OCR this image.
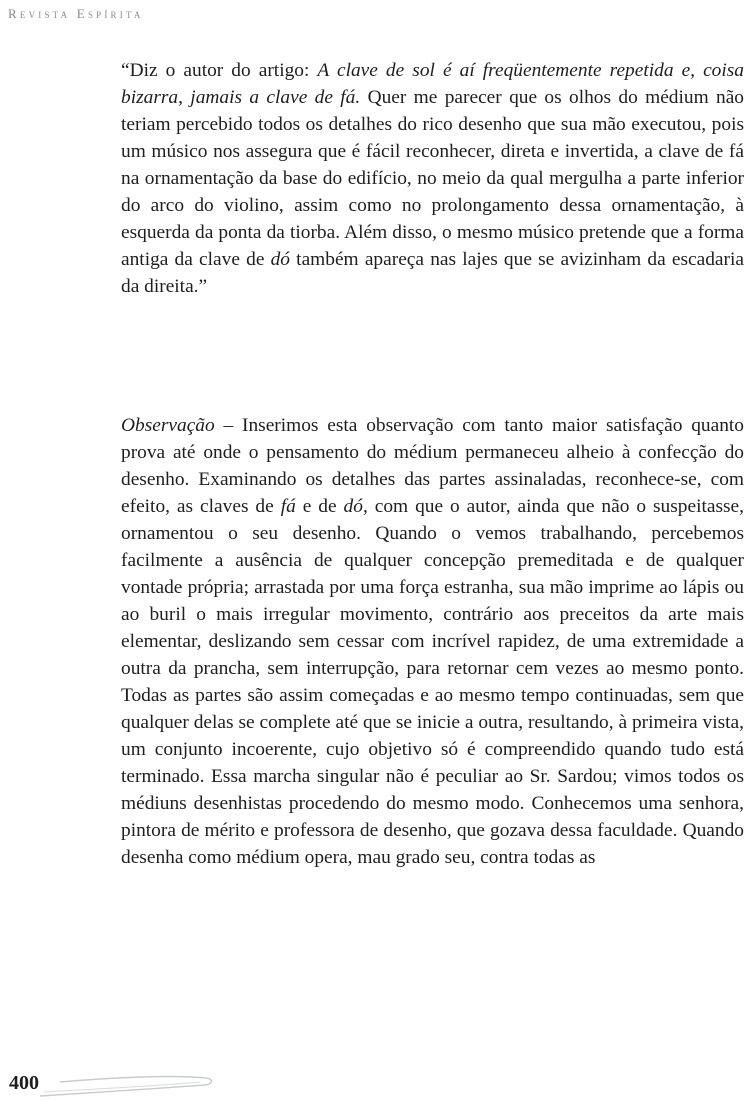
Revista Espírita

“Diz o autor do artigo: A clave de sol é aí freqüentemente repetida e, coisa bizarra, jamais a clave de fá. Quer me parecer que os olhos do médium não teriam percebido todos os detalhes do rico desenho que sua mão executou, pois um músico nos assegura que é fácil reconhecer, direta e invertida, a clave de fá na ornamentação da base do edifício, no meio da qual mergulha a parte inferior do arco do violino, assim como no prolongamento dessa ornamentação, à esquerda da ponta da tiorba. Além disso, o mesmo músico pretende que a forma antiga da clave de dó também apareça nas lajes que se avizinham da escadaria da direita.”

Observação – Inserimos esta observação com tanto maior satisfação quanto prova até onde o pensamento do médium permaneceu alheio à confecção do desenho. Examinando os detalhes das partes assinaladas, reconhece-se, com efeito, as claves de fá e de dó, com que o autor, ainda que não o suspeitasse, ornamentou o seu desenho. Quando o vemos trabalhando, percebemos facilmente a ausência de qualquer concepção premeditada e de qualquer vontade própria; arrastada por uma força estranha, sua mão imprime ao lápis ou ao buril o mais irregular movimento, contrário aos preceitos da arte mais elementar, deslizando sem cessar com incrível rapidez, de uma extremidade a outra da prancha, sem interrupção, para retornar cem vezes ao mesmo ponto. Todas as partes são assim começadas e ao mesmo tempo continuadas, sem que qualquer delas se complete até que se inicie a outra, resultando, à primeira vista, um conjunto incoerente, cujo objetivo só é compreendido quando tudo está terminado. Essa marcha singular não é peculiar ao Sr. Sardou; vimos todos os médiuns desenhistas procedendo do mesmo modo. Conhecemos uma senhora, pintora de mérito e professora de desenho, que gozava dessa faculdade. Quando desenha como médium opera, mau grado seu, contra todas as

400
